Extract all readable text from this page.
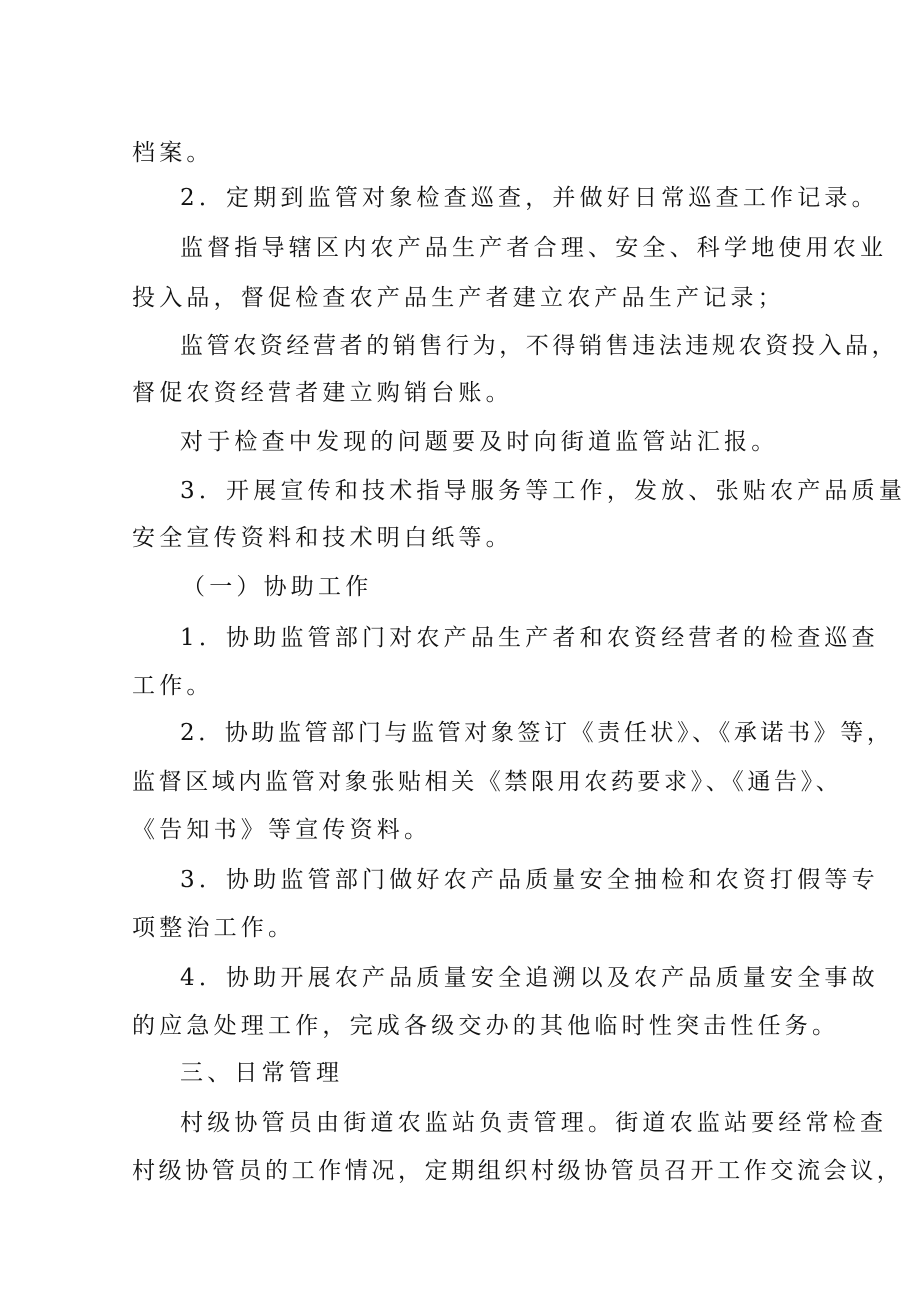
档案。
2．定期到监管对象检查巡查，并做好日常巡查工作记录。
监督指导辖区内农产品生产者合理、安全、科学地使用农业
投入品，督促检查农产品生产者建立农产品生产记录；
监管农资经营者的销售行为，不得销售违法违规农资投入品，
督促农资经营者建立购销台账。
对于检查中发现的问题要及时向街道监管站汇报。
3．开展宣传和技术指导服务等工作，发放、张贴农产品质量
安全宣传资料和技术明白纸等。
（一）协助工作
1．协助监管部门对农产品生产者和农资经营者的检查巡查
工作。
2．协助监管部门与监管对象签订《责任状》、《承诺书》等，
监督区域内监管对象张贴相关《禁限用农药要求》、《通告》、
《告知书》等宣传资料。
3．协助监管部门做好农产品质量安全抽检和农资打假等专
项整治工作。
4．协助开展农产品质量安全追溯以及农产品质量安全事故
的应急处理工作，完成各级交办的其他临时性突击性任务。
三、日常管理
村级协管员由街道农监站负责管理。街道农监站要经常检查
村级协管员的工作情况，定期组织村级协管员召开工作交流会议，
